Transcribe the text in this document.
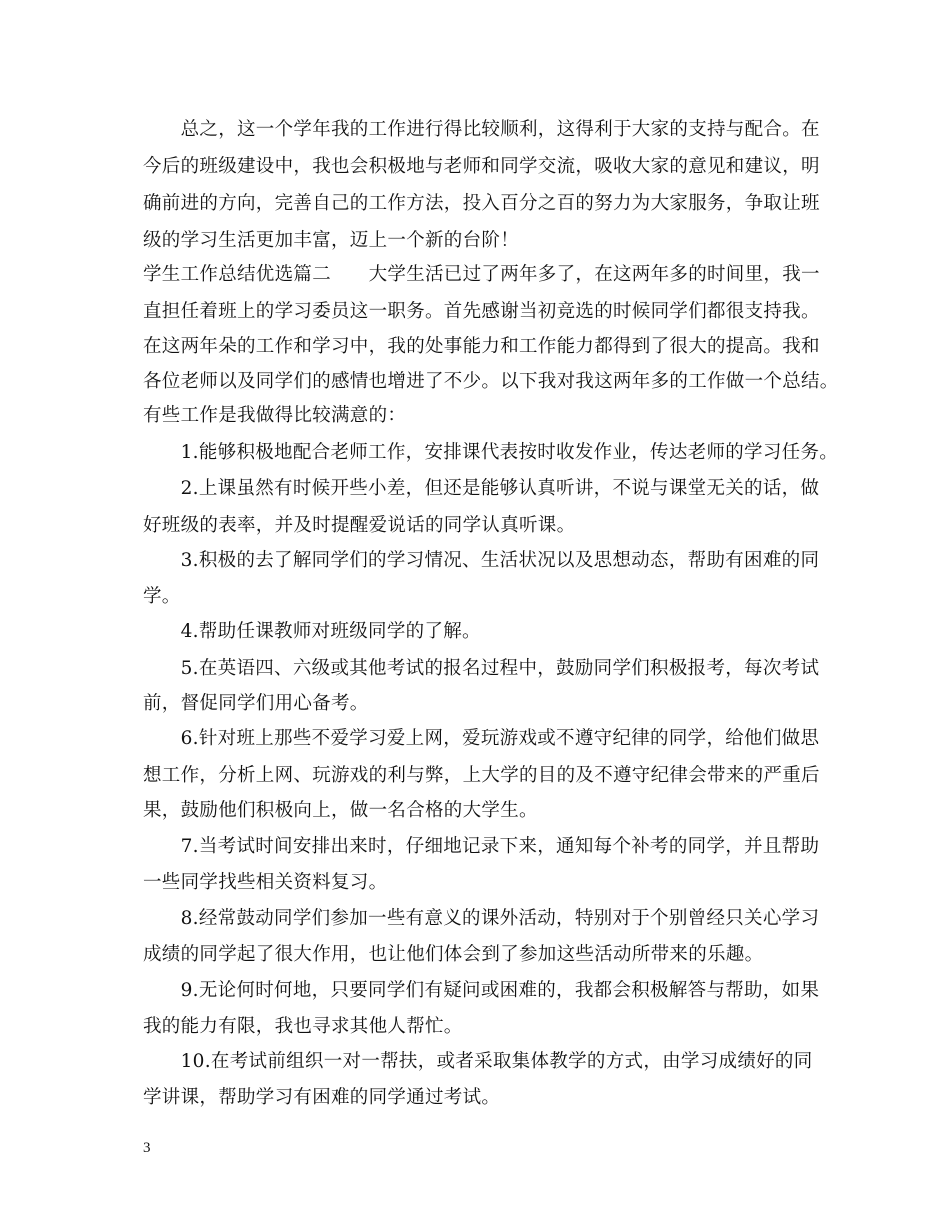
　　总之，这一个学年我的工作进行得比较顺利，这得利于大家的支持与配合。在
今后的班级建设中，我也会积极地与老师和同学交流，吸收大家的意见和建议，明
确前进的方向，完善自己的工作方法，投入百分之百的努力为大家服务，争取让班
级的学习生活更加丰富，迈上一个新的台阶！
学生工作总结优选篇二　　大学生活已过了两年多了，在这两年多的时间里，我一
直担任着班上的学习委员这一职务。首先感谢当初竞选的时候同学们都很支持我。
在这两年朵的工作和学习中，我的处事能力和工作能力都得到了很大的提高。我和
各位老师以及同学们的感情也增进了不少。以下我对我这两年多的工作做一个总结。
有些工作是我做得比较满意的：
　　1.能够积极地配合老师工作，安排课代表按时收发作业，传达老师的学习任务。
　　2.上课虽然有时候开些小差，但还是能够认真听讲，不说与课堂无关的话，做
好班级的表率，并及时提醒爱说话的同学认真听课。
　　3.积极的去了解同学们的学习情况、生活状况以及思想动态，帮助有困难的同
学。
　　4.帮助任课教师对班级同学的了解。
　　5.在英语四、六级或其他考试的报名过程中，鼓励同学们积极报考，每次考试
前，督促同学们用心备考。
　　6.针对班上那些不爱学习爱上网，爱玩游戏或不遵守纪律的同学，给他们做思
想工作，分析上网、玩游戏的利与弊，上大学的目的及不遵守纪律会带来的严重后
果，鼓励他们积极向上，做一名合格的大学生。
　　7.当考试时间安排出来时，仔细地记录下来，通知每个补考的同学，并且帮助
一些同学找些相关资料复习。
　　8.经常鼓动同学们参加一些有意义的课外活动，特别对于个别曾经只关心学习
成绩的同学起了很大作用，也让他们体会到了参加这些活动所带来的乐趣。
　　9.无论何时何地，只要同学们有疑问或困难的，我都会积极解答与帮助，如果
我的能力有限，我也寻求其他人帮忙。
　　10.在考试前组织一对一帮扶，或者采取集体教学的方式，由学习成绩好的同
学讲课，帮助学习有困难的同学通过考试。
3
